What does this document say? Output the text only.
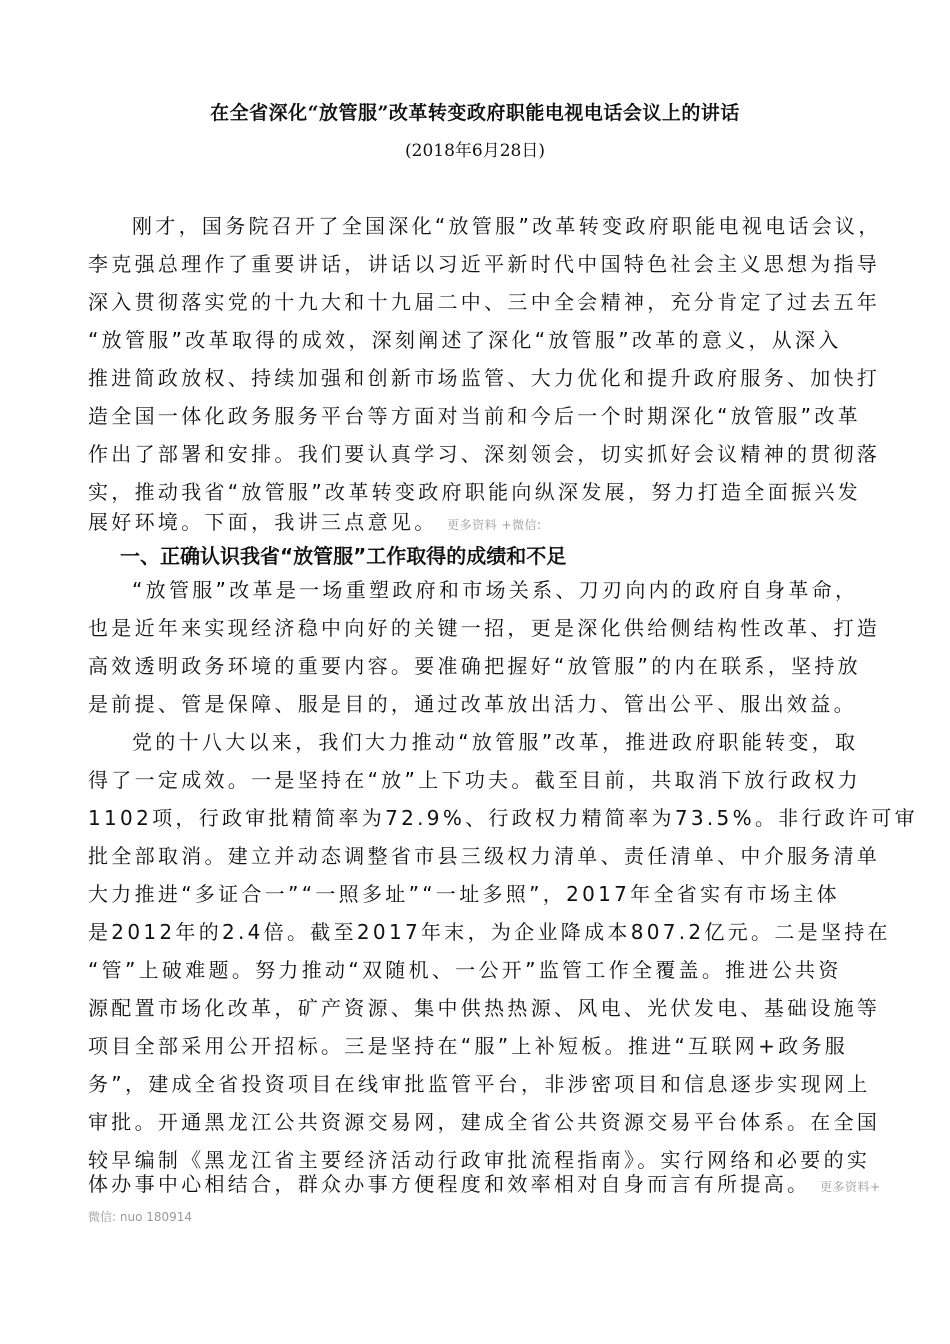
在全省深化“放管服”改革转变政府职能电视电话会议上的讲话
(2018年6月28日)
刚才，国务院召开了全国深化“放管服”改革转变政府职能电视电话会议，
李克强总理作了重要讲话，讲话以习近平新时代中国特色社会主义思想为指导
深入贯彻落实党的十九大和十九届二中、三中全会精神，充分肯定了过去五年
“放管服”改革取得的成效，深刻阐述了深化“放管服”改革的意义，从深入
推进简政放权、持续加强和创新市场监管、大力优化和提升政府服务、加快打
造全国一体化政务服务平台等方面对当前和今后一个时期深化“放管服”改革
作出了部署和安排。我们要认真学习、深刻领会，切实抓好会议精神的贯彻落
实，推动我省“放管服”改革转变政府职能向纵深发展，努力打造全面振兴发
展好环境。下面，我讲三点意见。 更多资料 +微信:
一、正确认识我省“放管服”工作取得的成绩和不足
“放管服”改革是一场重塑政府和市场关系、刀刃向内的政府自身革命，
也是近年来实现经济稳中向好的关键一招，更是深化供给侧结构性改革、打造
高效透明政务环境的重要内容。要准确把握好“放管服”的内在联系，坚持放
是前提、管是保障、服是目的，通过改革放出活力、管出公平、服出效益。
党的十八大以来，我们大力推动“放管服”改革，推进政府职能转变，取
得了一定成效。一是坚持在“放”上下功夫。截至目前，共取消下放行政权力
1102项，行政审批精简率为72.9%、行政权力精简率为73.5%。非行政许可审
批全部取消。建立并动态调整省市县三级权力清单、责任清单、中介服务清单
大力推进“多证合一”“一照多址”“一址多照”，2017年全省实有市场主体
是2012年的2.4倍。截至2017年末，为企业降成本807.2亿元。二是坚持在
“管”上破难题。努力推动“双随机、一公开”监管工作全覆盖。推进公共资
源配置市场化改革，矿产资源、集中供热热源、风电、光伏发电、基础设施等
项目全部采用公开招标。三是坚持在“服”上补短板。推进“互联网+政务服
务”，建成全省投资项目在线审批监管平台，非涉密项目和信息逐步实现网上
审批。开通黑龙江公共资源交易网，建成全省公共资源交易平台体系。在全国
较早编制《黑龙江省主要经济活动行政审批流程指南》。实行网络和必要的实
体办事中心相结合，群众办事方便程度和效率相对自身而言有所提高。 更多资料+
微信: nuo 180914
